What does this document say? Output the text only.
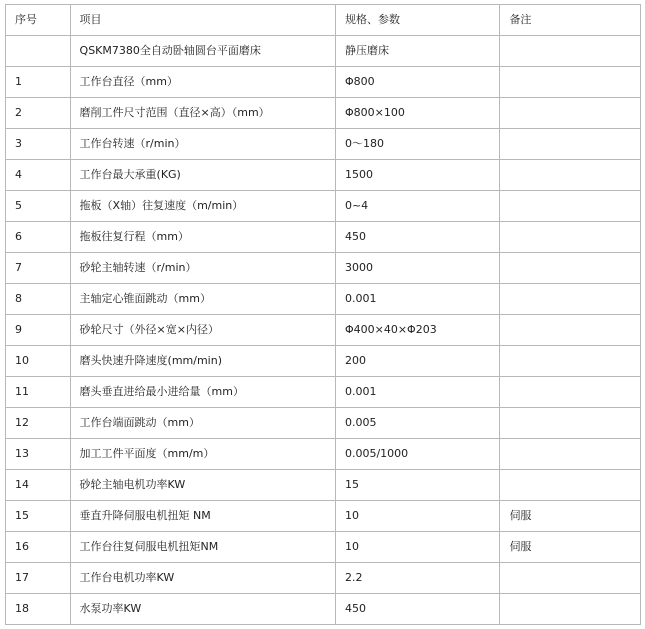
序号	项目	规格、参数	备注
	QSKM7380全自动卧轴圆台平面磨床	静压磨床	
1	工作台直径（mm）	Φ800	
2	磨削工件尺寸范围（直径×高）（mm）	Φ800×100	
3	工作台转速（r/min）	0～180	
4	工作台最大承重(KG)	1500	
5	拖板（X轴）往复速度（m/min）	0~4	
6	拖板往复行程（mm）	450	
7	砂轮主轴转速（r/min）	3000	
8	主轴定心锥面跳动（mm）	0.001	
9	砂轮尺寸（外径×宽×内径）	Φ400×40×Φ203	
10	磨头快速升降速度(mm/min)	200	
11	磨头垂直进给最小进给量（mm）	0.001	
12	工作台端面跳动（mm）	0.005	
13	加工工件平面度（mm/m）	0.005/1000	
14	砂轮主轴电机功率KW	15	
15	垂直升降伺服电机扭矩 NM	10	伺服
16	工作台往复伺服电机扭矩NM	10	伺服
17	工作台电机功率KW	2.2	
18	水泵功率KW	450	
